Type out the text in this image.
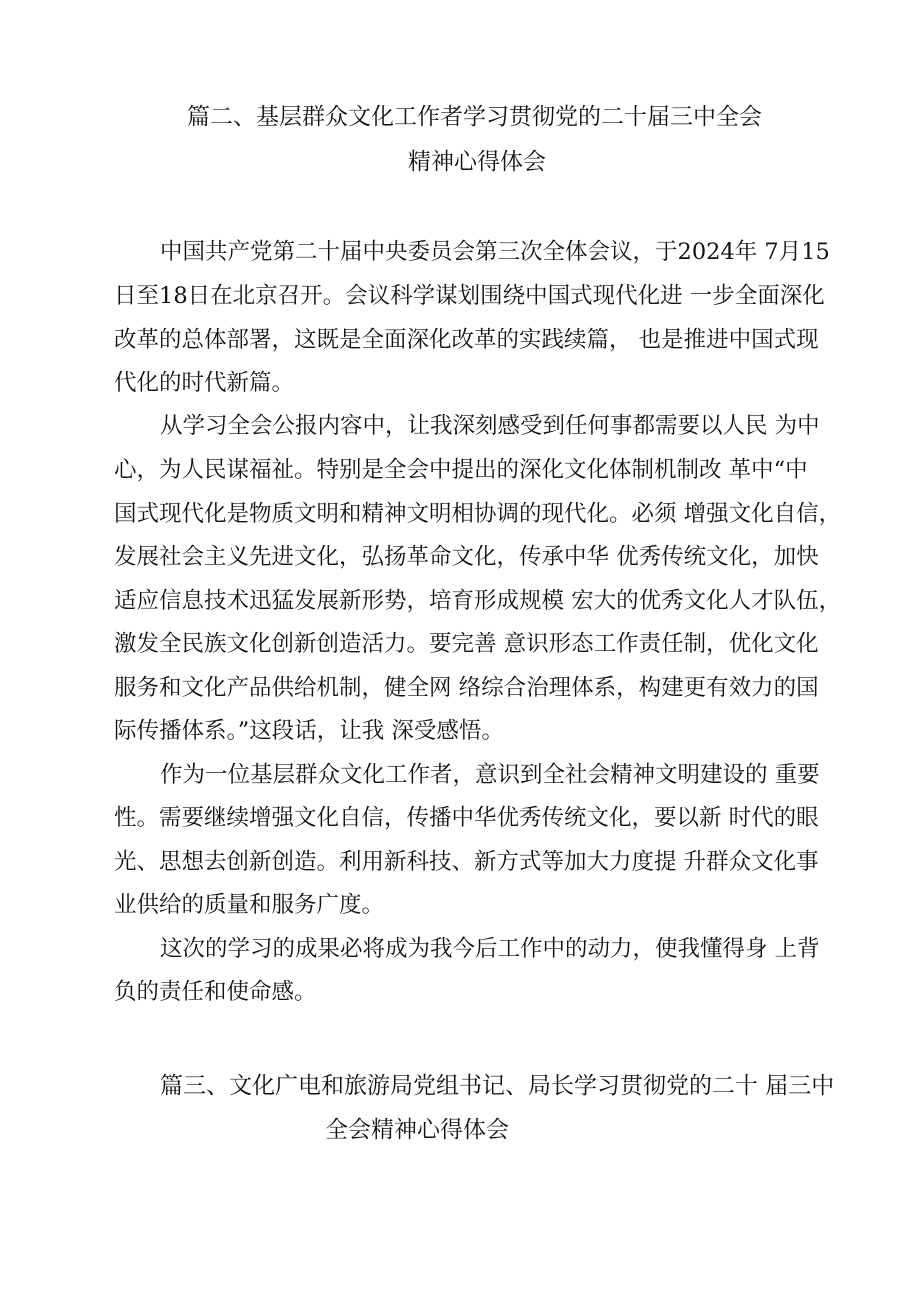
篇二、基层群众文化工作者学习贯彻党的二十届三中全会
精神心得体会
中国共产党第二十届中央委员会第三次全体会议，于2024年 7月15
日至18日在北京召开。会议科学谋划围绕中国式现代化进 一步全面深化
改革的总体部署，这既是全面深化改革的实践续篇， 也是推进中国式现
代化的时代新篇。
从学习全会公报内容中，让我深刻感受到任何事都需要以人民 为中
心，为人民谋福祉。特别是全会中提出的深化文化体制机制改 革中“中
国式现代化是物质文明和精神文明相协调的现代化。必须 增强文化自信，
发展社会主义先进文化，弘扬革命文化，传承中华 优秀传统文化，加快
适应信息技术迅猛发展新形势，培育形成规模 宏大的优秀文化人才队伍，
激发全民族文化创新创造活力。要完善 意识形态工作责任制，优化文化
服务和文化产品供给机制，健全网 络综合治理体系，构建更有效力的国
际传播体系。”这段话，让我 深受感悟。
作为一位基层群众文化工作者，意识到全社会精神文明建设的 重要
性。需要继续增强文化自信，传播中华优秀传统文化，要以新 时代的眼
光、思想去创新创造。利用新科技、新方式等加大力度提 升群众文化事
业供给的质量和服务广度。
这次的学习的成果必将成为我今后工作中的动力，使我懂得身 上背
负的责任和使命感。
篇三、文化广电和旅游局党组书记、局长学习贯彻党的二十 届三中
全会精神心得体会
